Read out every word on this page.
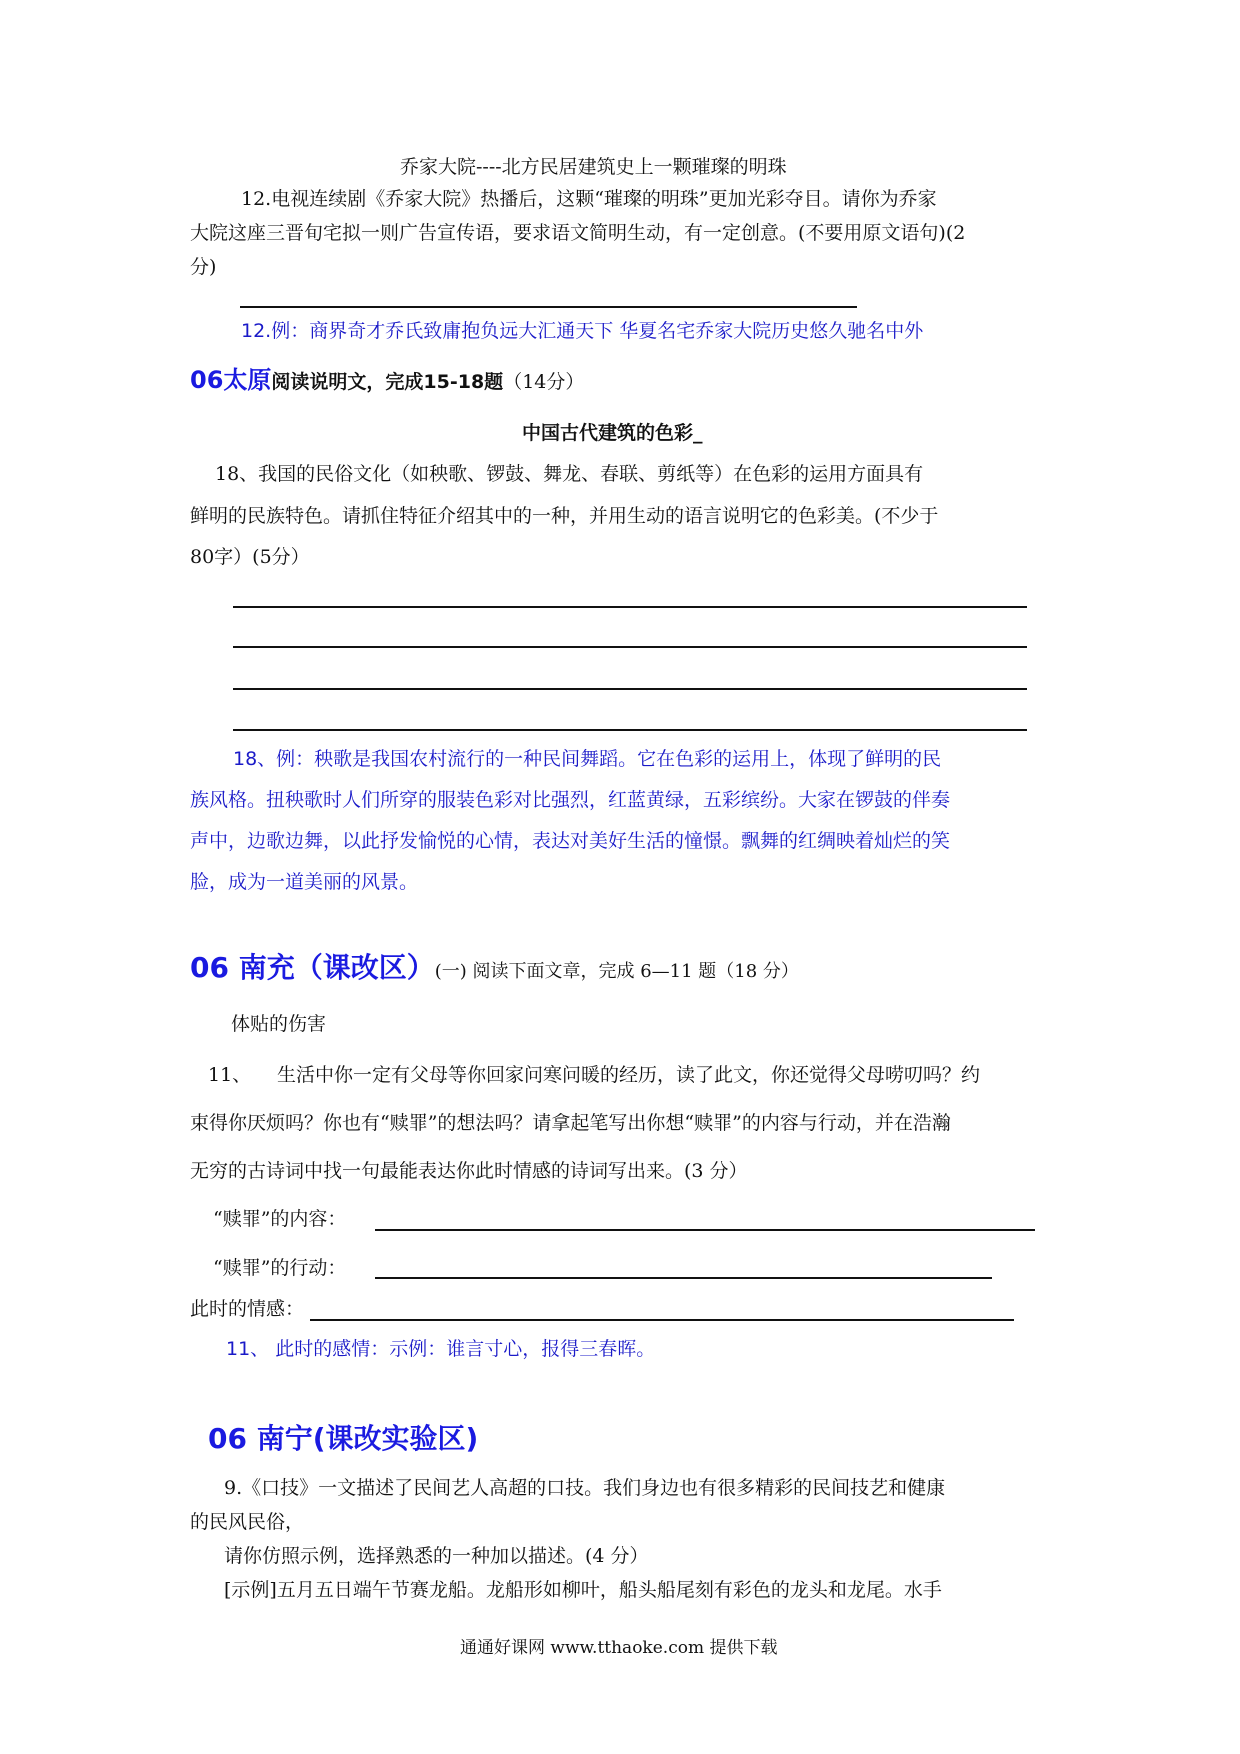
乔家大院----北方民居建筑史上一颗璀璨的明珠
12.电视连续剧《乔家大院》热播后，这颗“璀璨的明珠”更加光彩夺目。请你为乔家
大院这座三晋旬宅拟一则广告宣传语，要求语文简明生动，有一定创意。(不要用原文语句)(2
分)
12.例：商界奇才乔氏致庸抱负远大汇通天下 华夏名宅乔家大院历史悠久驰名中外
06太原阅读说明文，完成15-18题（14分）
中国古代建筑的色彩_
18、我国的民俗文化（如秧歌、锣鼓、舞龙、春联、剪纸等）在色彩的运用方面具有
鲜明的民族特色。请抓住特征介绍其中的一种，并用生动的语言说明它的色彩美。(不少于
80字）(5分）
18、例：秧歌是我国农村流行的一种民间舞蹈。它在色彩的运用上，体现了鲜明的民
族风格。扭秧歌时人们所穿的服装色彩对比强烈，红蓝黄绿，五彩缤纷。大家在锣鼓的伴奏
声中，边歌边舞，以此抒发愉悦的心情，表达对美好生活的憧憬。飘舞的红绸映着灿烂的笑
脸，成为一道美丽的风景。
06 南充（课改区）(一) 阅读下面文章，完成 6—11 题（18 分）
体贴的伤害
11、 生活中你一定有父母等你回家问寒问暖的经历，读了此文，你还觉得父母唠叨吗？约
束得你厌烦吗？你也有“赎罪”的想法吗？请拿起笔写出你想“赎罪”的内容与行动，并在浩瀚
无穷的古诗词中找一句最能表达你此时情感的诗词写出来。(3 分）
“赎罪”的内容：
“赎罪”的行动：
此时的情感：
11、 此时的感情：示例：谁言寸心，报得三春晖。
06 南宁(课改实验区)
9.《口技》一文描述了民间艺人高超的口技。我们身边也有很多精彩的民间技艺和健康
的民风民俗，
请你仿照示例，选择熟悉的一种加以描述。(4 分）
[示例]五月五日端午节赛龙船。龙船形如柳叶，船头船尾刻有彩色的龙头和龙尾。水手
通通好课网 www.tthaoke.com 提供下载
